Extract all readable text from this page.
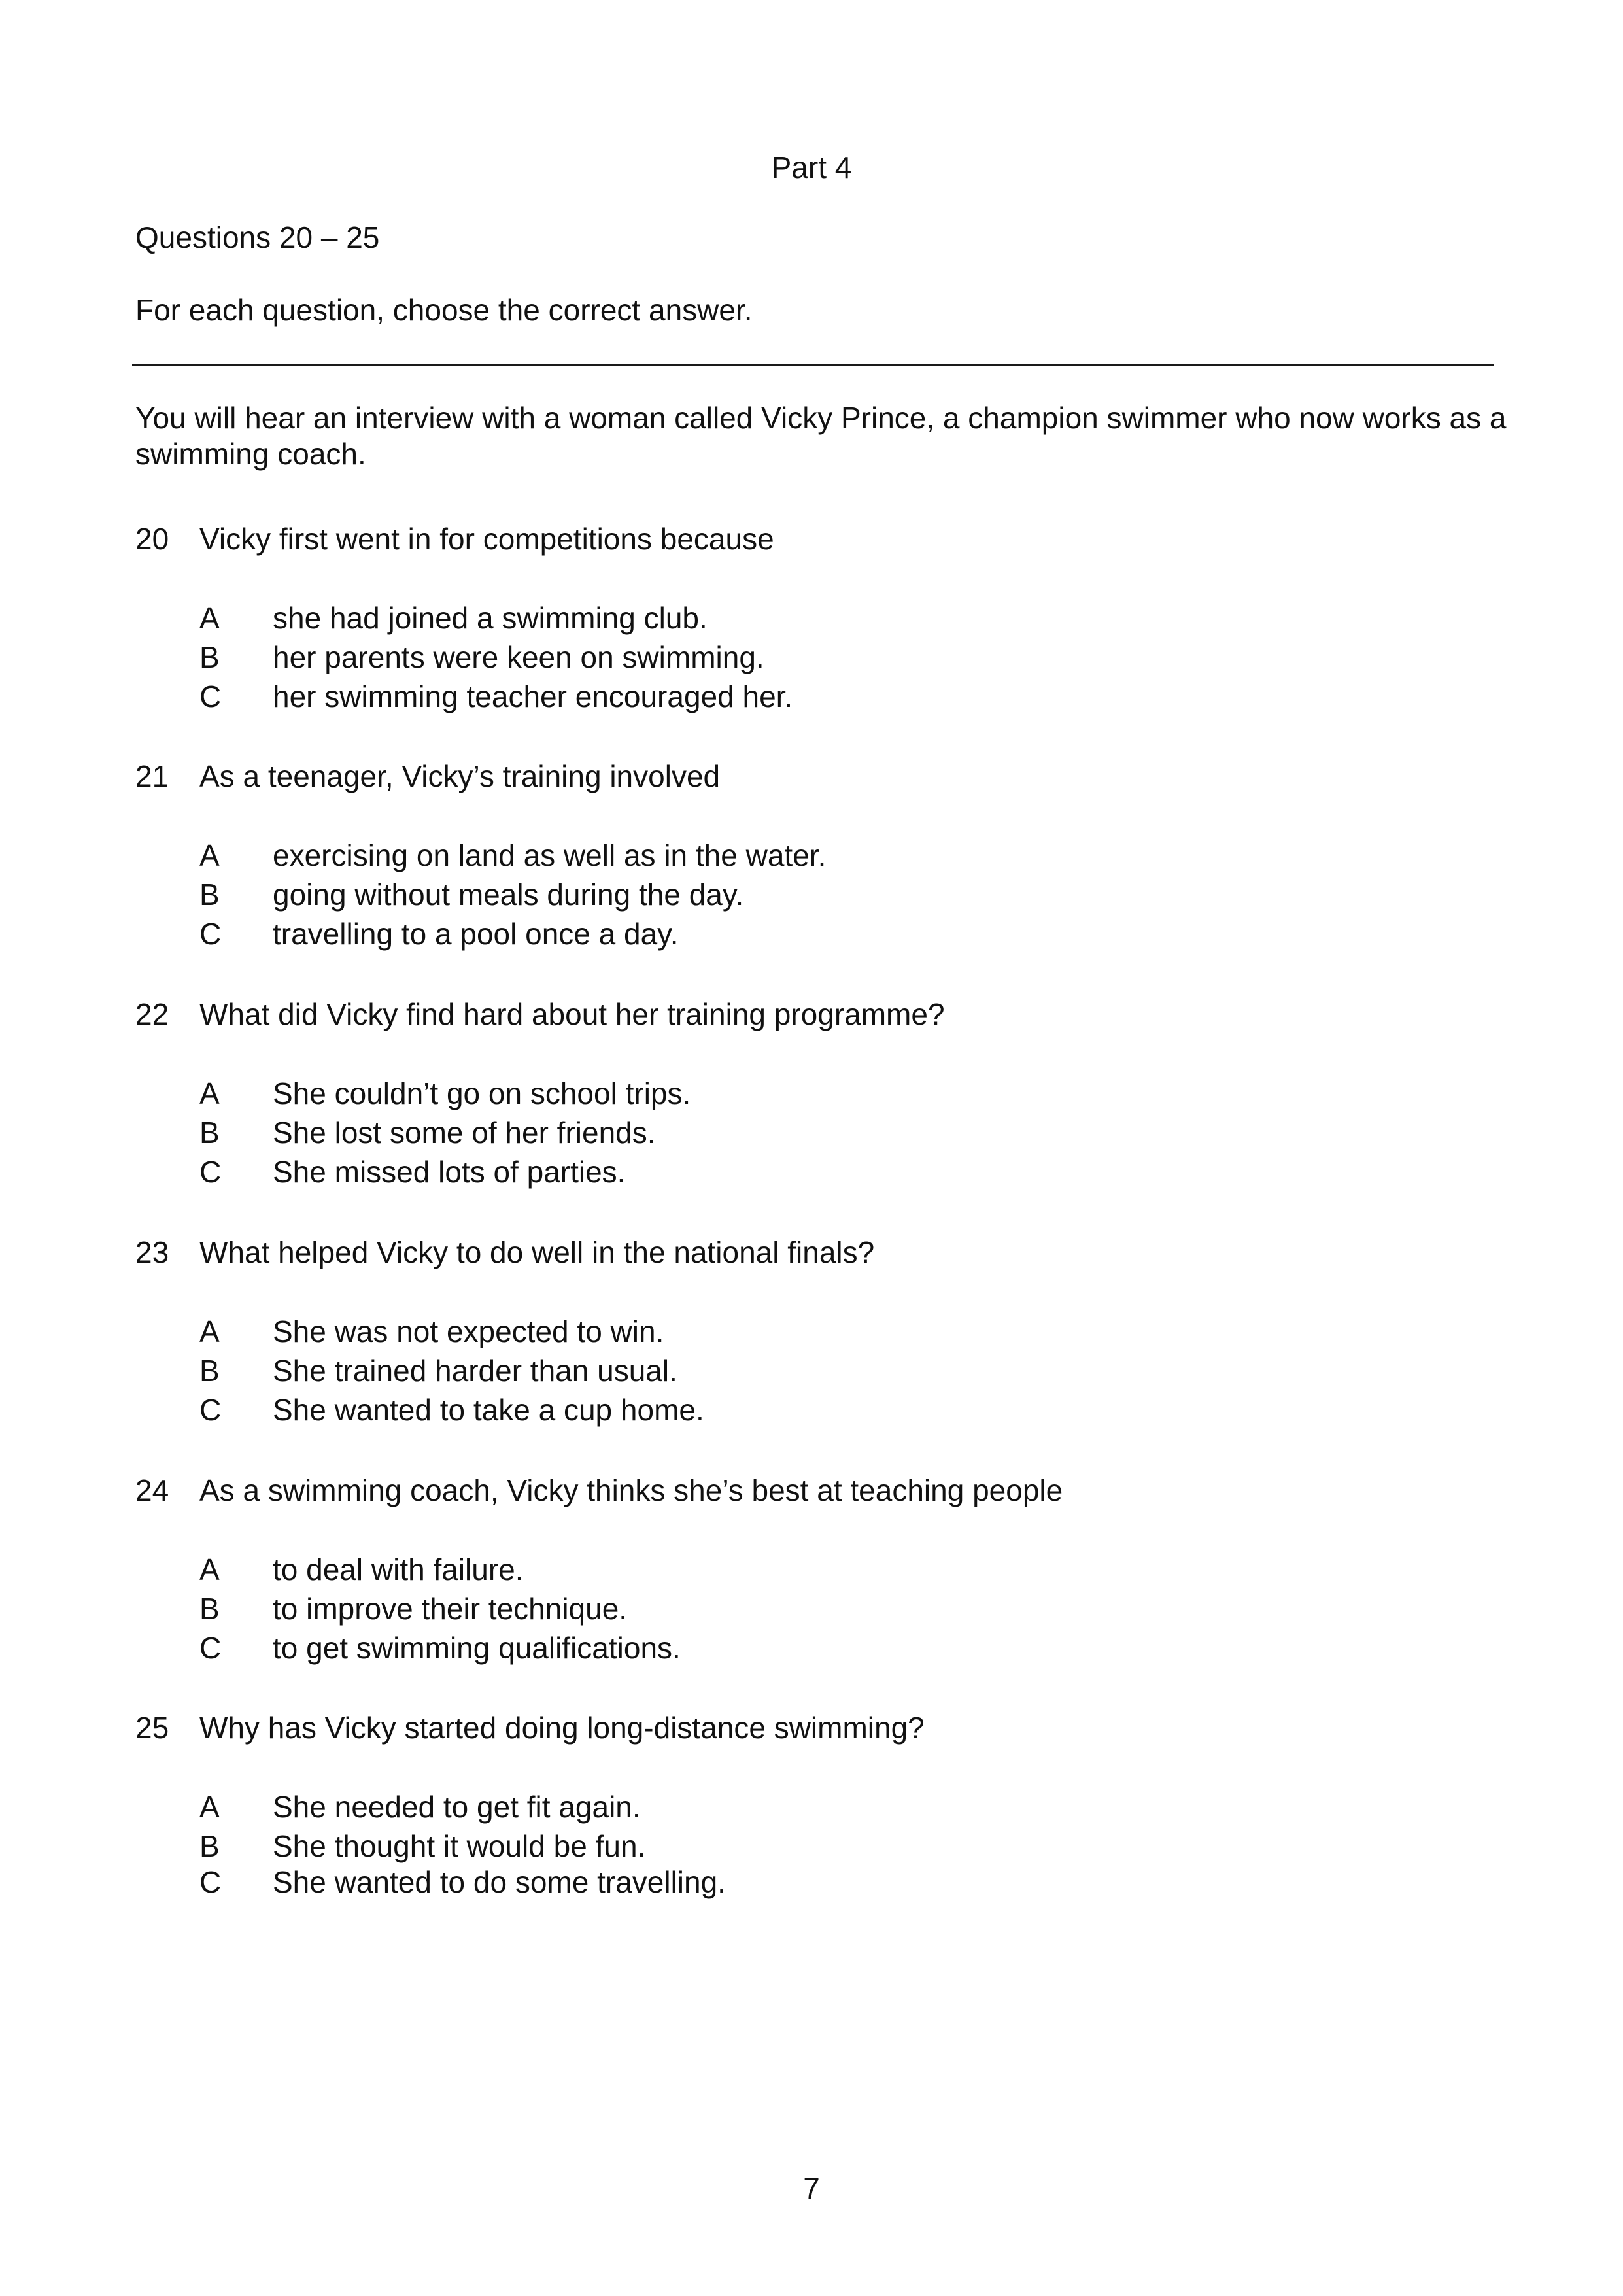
Part 4

Questions 20 – 25

For each question, choose the correct answer.

You will hear an interview with a woman called Vicky Prince, a champion swimmer who now works as a swimming coach.

20 Vicky first went in for competitions because

A she had joined a swimming club.

B her parents were keen on swimming.

C her swimming teacher encouraged her.

21 As a teenager, Vicky’s training involved

A exercising on land as well as in the water.

B going without meals during the day.

C travelling to a pool once a day.

22 What did Vicky find hard about her training programme?

A She couldn’t go on school trips.

B She lost some of her friends.

C She missed lots of parties.

23 What helped Vicky to do well in the national finals?

A She was not expected to win.

B She trained harder than usual.

C She wanted to take a cup home.

24 As a swimming coach, Vicky thinks she’s best at teaching people

A to deal with failure.

B to improve their technique.

C to get swimming qualifications.

25 Why has Vicky started doing long-distance swimming?

A She needed to get fit again.

B She thought it would be fun.

C She wanted to do some travelling.

7
